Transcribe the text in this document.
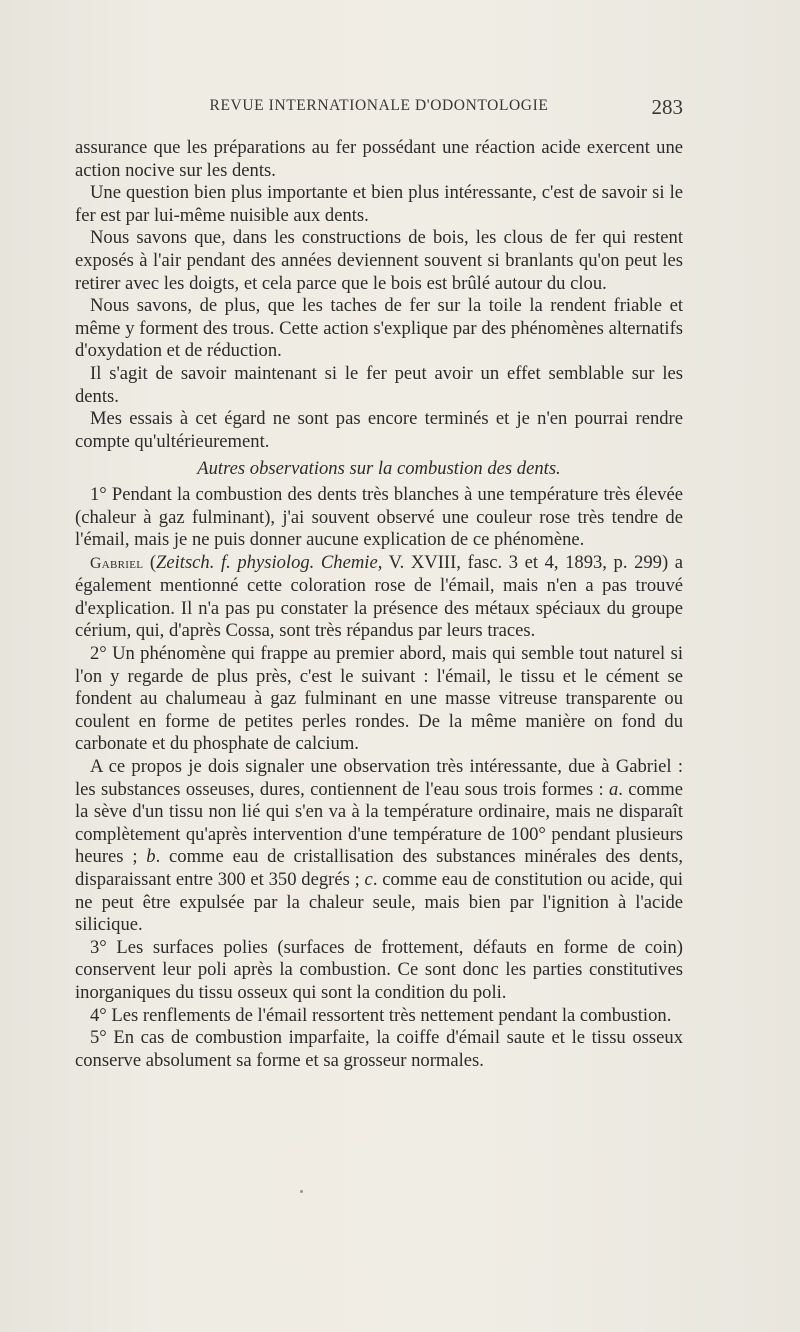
REVUE INTERNATIONALE D'ODONTOLOGIE	283

assurance que les préparations au fer possédant une réaction acide exercent une action nocive sur les dents.

Une question bien plus importante et bien plus intéressante, c'est de savoir si le fer est par lui-même nuisible aux dents.

Nous savons que, dans les constructions de bois, les clous de fer qui restent exposés à l'air pendant des années deviennent souvent si branlants qu'on peut les retirer avec les doigts, et cela parce que le bois est brûlé autour du clou.

Nous savons, de plus, que les taches de fer sur la toile la rendent friable et même y forment des trous. Cette action s'explique par des phénomènes alternatifs d'oxydation et de réduction.

Il s'agit de savoir maintenant si le fer peut avoir un effet semblable sur les dents.

Mes essais à cet égard ne sont pas encore terminés et je n'en pourrai rendre compte qu'ultérieurement.

Autres observations sur la combustion des dents.

1° Pendant la combustion des dents très blanches à une température très élevée (chaleur à gaz fulminant), j'ai souvent observé une couleur rose très tendre de l'émail, mais je ne puis donner aucune explication de ce phénomène.

Gabriel (Zeitsch. f. physiolog. Chemie, V. XVIII, fasc. 3 et 4, 1893, p. 299) a également mentionné cette coloration rose de l'émail, mais n'en a pas trouvé d'explication. Il n'a pas pu constater la présence des métaux spéciaux du groupe cérium, qui, d'après Cossa, sont très répandus par leurs traces.

2° Un phénomène qui frappe au premier abord, mais qui semble tout naturel si l'on y regarde de plus près, c'est le suivant : l'émail, le tissu et le cément se fondent au chalumeau à gaz fulminant en une masse vitreuse transparente ou coulent en forme de petites perles rondes. De la même manière on fond du carbonate et du phosphate de calcium.

A ce propos je dois signaler une observation très intéressante, due à Gabriel : les substances osseuses, dures, contiennent de l'eau sous trois formes : a. comme la sève d'un tissu non lié qui s'en va à la température ordinaire, mais ne disparaît complètement qu'après intervention d'une température de 100° pendant plusieurs heures ; b. comme eau de cristallisation des substances minérales des dents, disparaissant entre 300 et 350 degrés ; c. comme eau de constitution ou acide, qui ne peut être expulsée par la chaleur seule, mais bien par l'ignition à l'acide silicique.

3° Les surfaces polies (surfaces de frottement, défauts en forme de coin) conservent leur poli après la combustion. Ce sont donc les parties constitutives inorganiques du tissu osseux qui sont la condition du poli.

4° Les renflements de l'émail ressortent très nettement pendant la combustion.

5° En cas de combustion imparfaite, la coiffe d'émail saute et le tissu osseux conserve absolument sa forme et sa grosseur normales.
